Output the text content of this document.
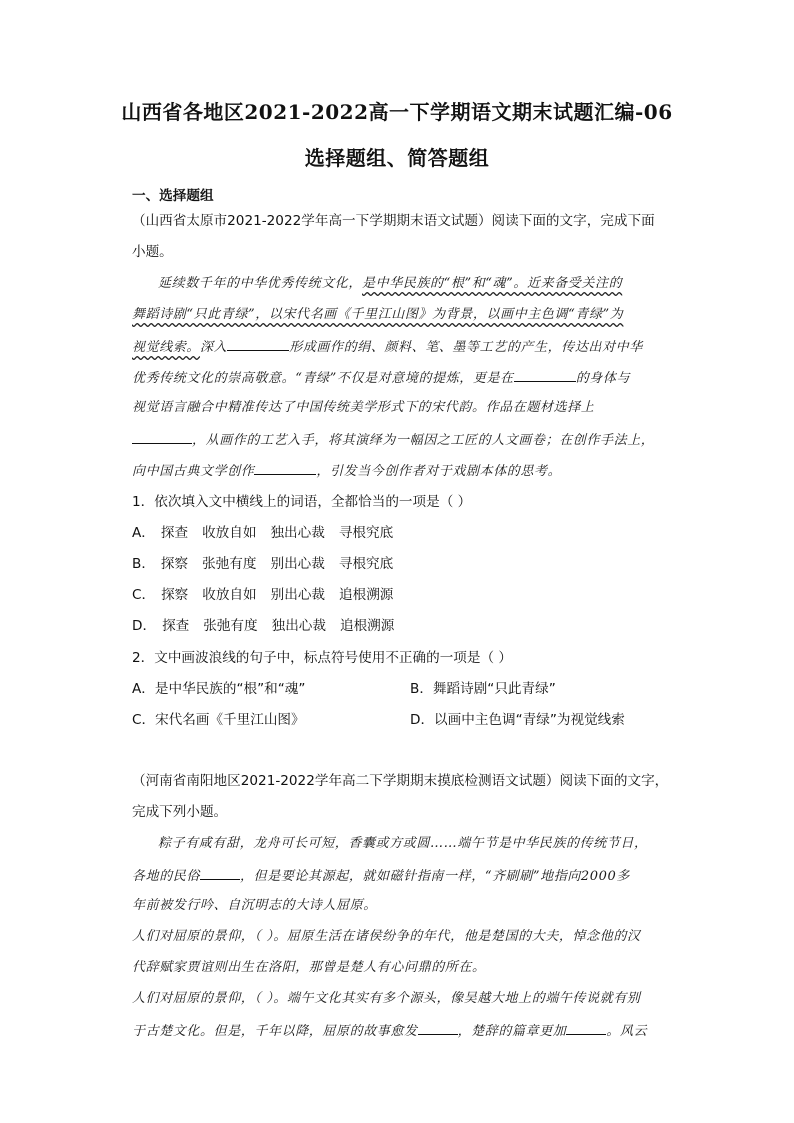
山西省各地区2021-2022高一下学期语文期末试题汇编-06
选择题组、简答题组
一、选择题组
（山西省太原市2021-2022学年高一下学期期末语文试题）阅读下面的文字，完成下面
小题。
延续数千年的中华优秀传统文化，是中华民族的“根”和“魂”。近来备受关注的
舞蹈诗剧“只此青绿”，以宋代名画《千里江山图》为背景，以画中主色调“青绿”为
视觉线索。深入	形成画作的绢、颜料、笔、墨等工艺的产生，传达出对中华
优秀传统文化的崇高敬意。“青绿”不仅是对意境的提炼，更是在	的身体与
视觉语言融合中精准传达了中国传统美学形式下的宋代韵。作品在题材选择上
，从画作的工艺入手，将其演绎为一幅因之工匠的人文画卷；在创作手法上，
向中国古典文学创作	，引发当今创作者对于戏剧本体的思考。
1．依次填入文中横线上的词语，全都恰当的一项是（ ）
A． 探查 收放自如 独出心裁 寻根究底
B． 探察 张弛有度 别出心裁 寻根究底
C． 探察 收放自如 别出心裁 追根溯源
D． 探查 张弛有度 独出心裁 追根溯源
2．文中画波浪线的句子中，标点符号使用不正确的一项是（ ）
A．是中华民族的“根”和“魂”	B．舞蹈诗剧“只此青绿”
C．宋代名画《千里江山图》	D．以画中主色调“青绿”为视觉线索
（河南省南阳地区2021-2022学年高二下学期期末摸底检测语文试题）阅读下面的文字，
完成下列小题。
粽子有咸有甜，龙舟可长可短，香囊或方或圆……端午节是中华民族的传统节日，
各地的民俗	，但是要论其源起，就如磁针指南一样，“齐刷刷”地指向2000多
年前被发行吟、自沉明志的大诗人屈原。
人们对屈原的景仰，（ ）。屈原生活在诸侯纷争的年代，他是楚国的大夫，悼念他的汉
代辞赋家贾谊则出生在洛阳，那曾是楚人有心问鼎的所在。
人们对屈原的景仰，（ ）。端午文化其实有多个源头，像吴越大地上的端午传说就有别
于古楚文化。但是，千年以降，屈原的故事愈发	，楚辞的篇章更加	。风云
